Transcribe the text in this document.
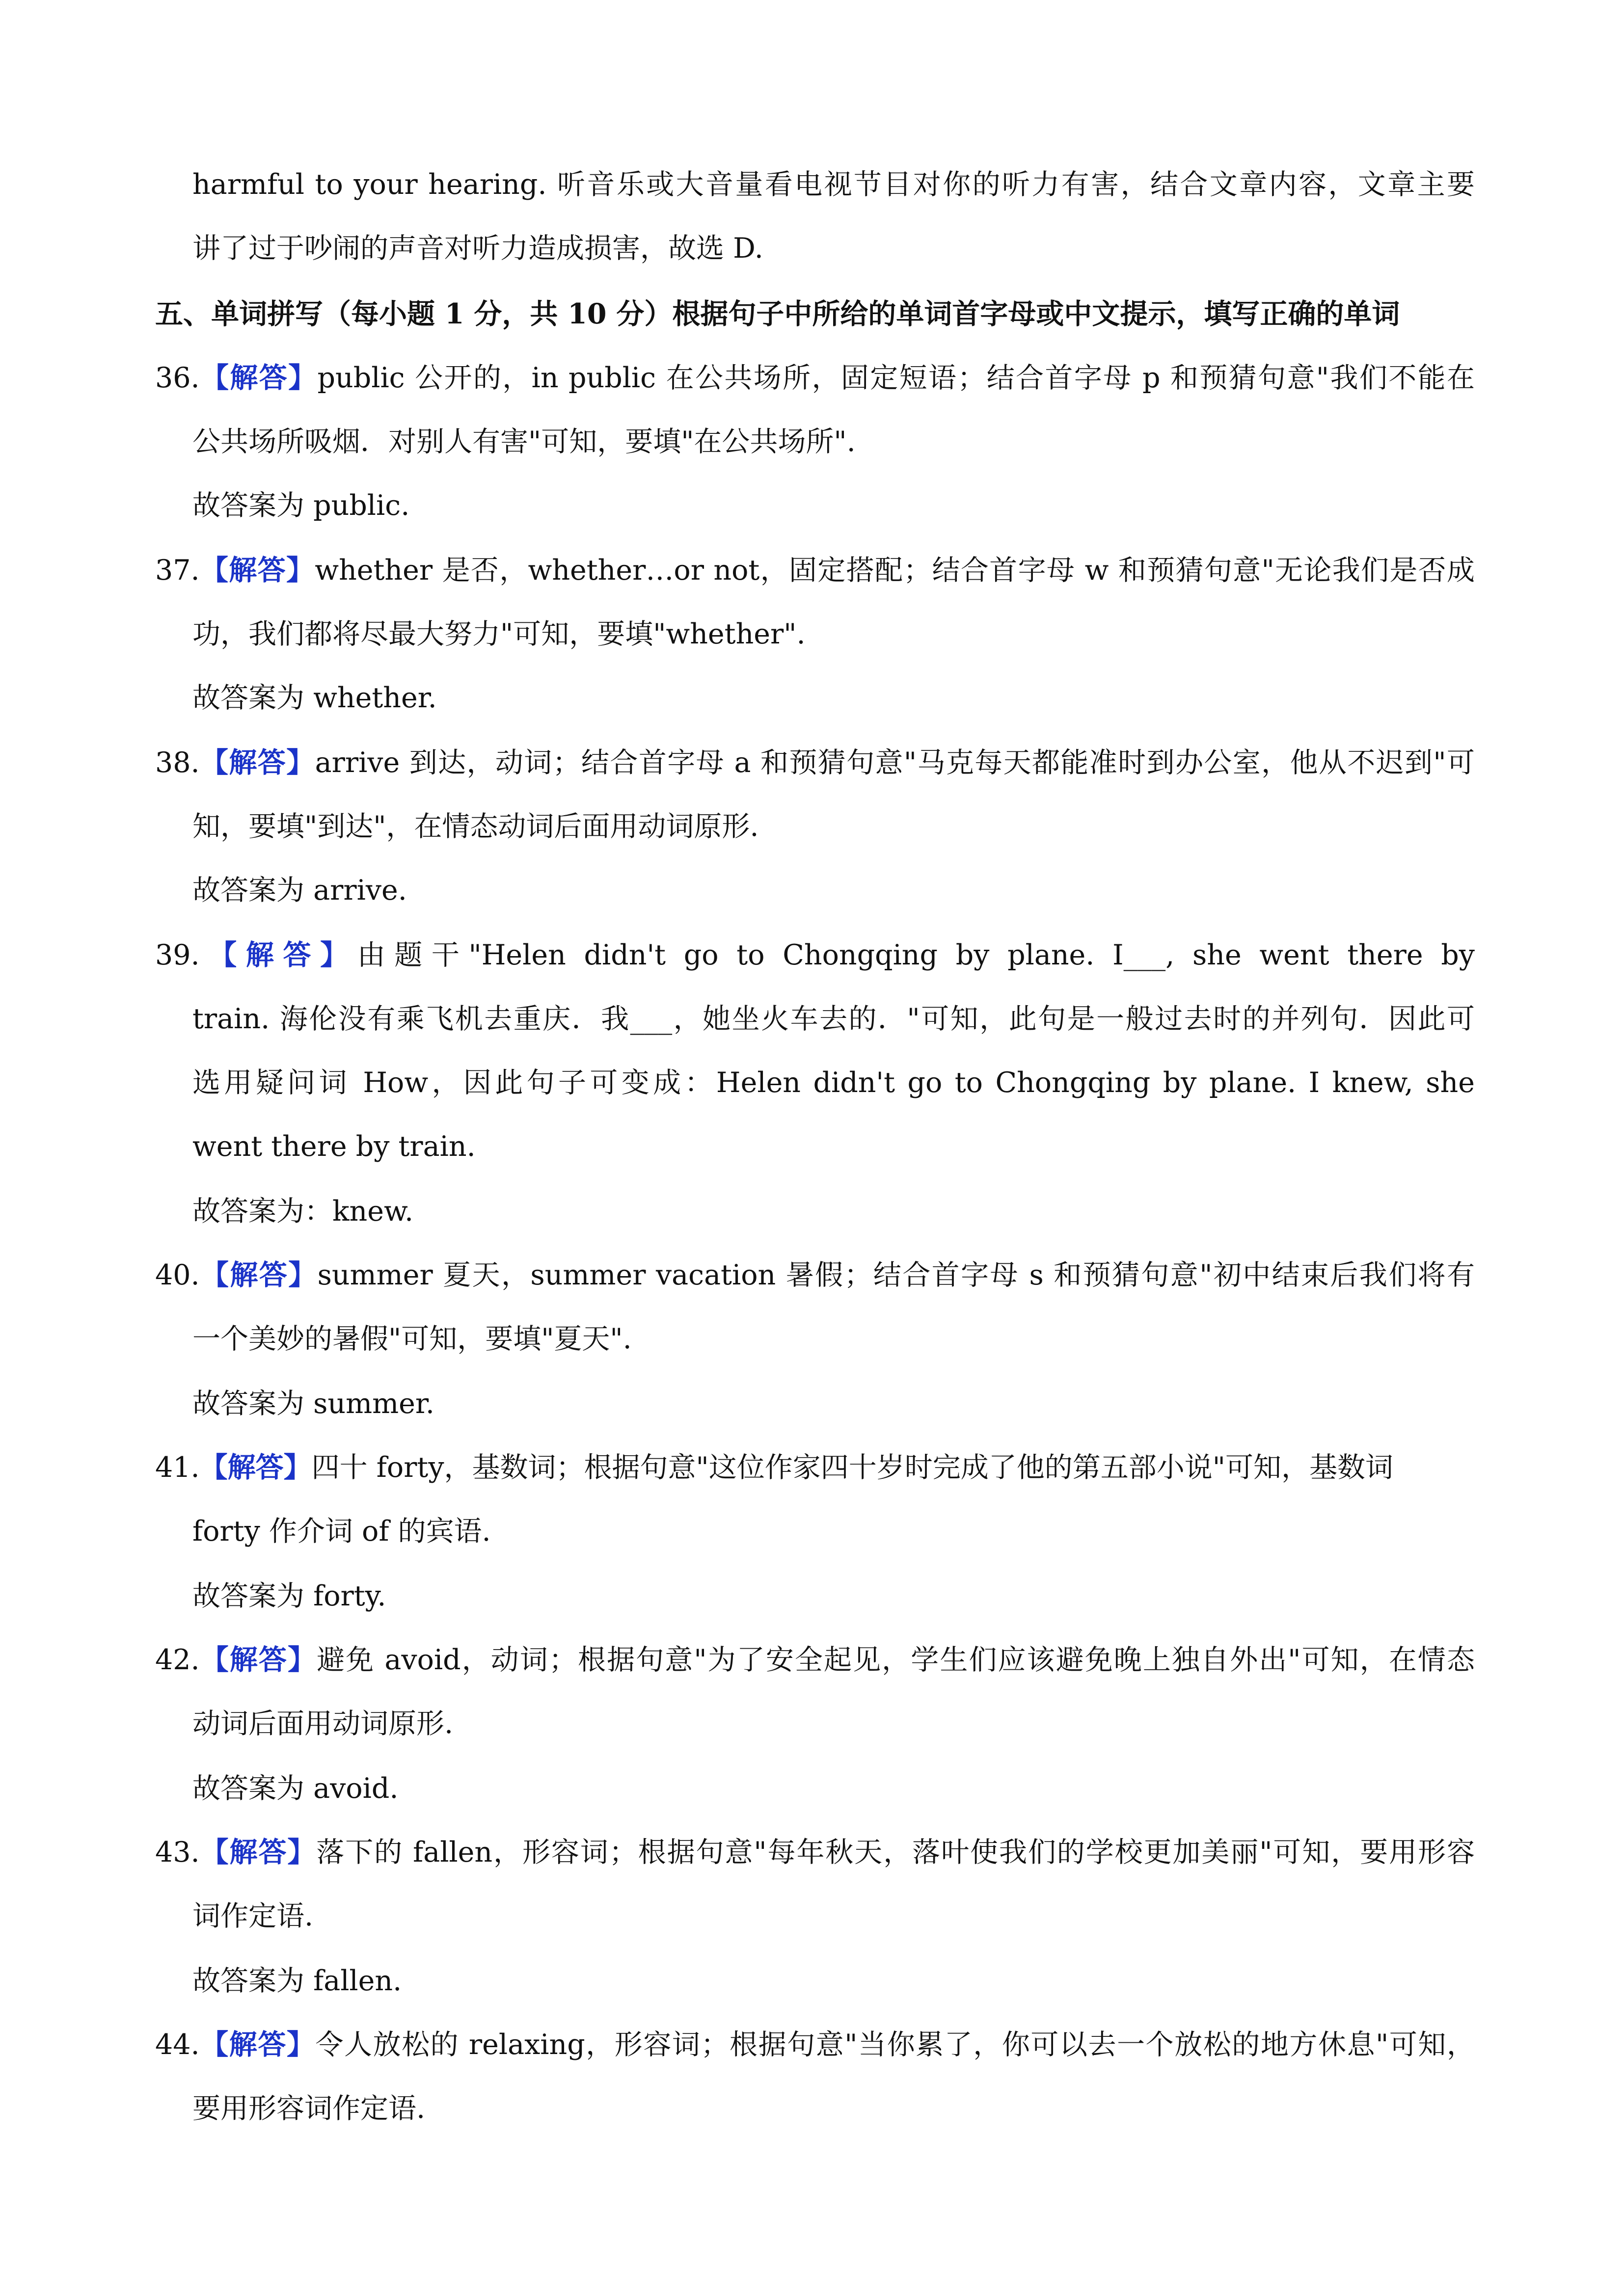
harmful to your hearing. 听音乐或大音量看电视节目对你的听力有害，结合文章内容，文章主要
讲了过于吵闹的声音对听力造成损害，故选 D.
五、单词拼写（每小题 1 分，共 10 分）根据句子中所给的单词首字母或中文提示，填写正确的单词
36.【解答】public 公开的，in public 在公共场所，固定短语；结合首字母 p 和预猜句意"我们不能在
公共场所吸烟．对别人有害"可知，要填"在公共场所".
故答案为 public.
37.【解答】whether 是否，whether…or not，固定搭配；结合首字母 w 和预猜句意"无论我们是否成
功，我们都将尽最大努力"可知，要填"whether".
故答案为 whether.
38.【解答】arrive 到达，动词；结合首字母 a 和预猜句意"马克每天都能准时到办公室，他从不迟到"可
知，要填"到达"，在情态动词后面用动词原形.
故答案为 arrive.
39.【解答】由题干"Helen didn't go to Chongqing by plane. I___, she went there by
train. 海伦没有乘飞机去重庆．我___，她坐火车去的．"可知，此句是一般过去时的并列句．因此可
选用疑问词 How，因此句子可变成：Helen didn't go to Chongqing by plane. I knew, she
went there by train.
故答案为：knew.
40.【解答】summer 夏天，summer vacation 暑假；结合首字母 s 和预猜句意"初中结束后我们将有
一个美妙的暑假"可知，要填"夏天".
故答案为 summer.
41.【解答】四十 forty，基数词；根据句意"这位作家四十岁时完成了他的第五部小说"可知，基数词
forty 作介词 of 的宾语.
故答案为 forty.
42.【解答】避免 avoid，动词；根据句意"为了安全起见，学生们应该避免晚上独自外出"可知，在情态
动词后面用动词原形.
故答案为 avoid.
43.【解答】落下的 fallen，形容词；根据句意"每年秋天，落叶使我们的学校更加美丽"可知，要用形容
词作定语.
故答案为 fallen.
44.【解答】令人放松的 relaxing，形容词；根据句意"当你累了，你可以去一个放松的地方休息"可知，
要用形容词作定语.
